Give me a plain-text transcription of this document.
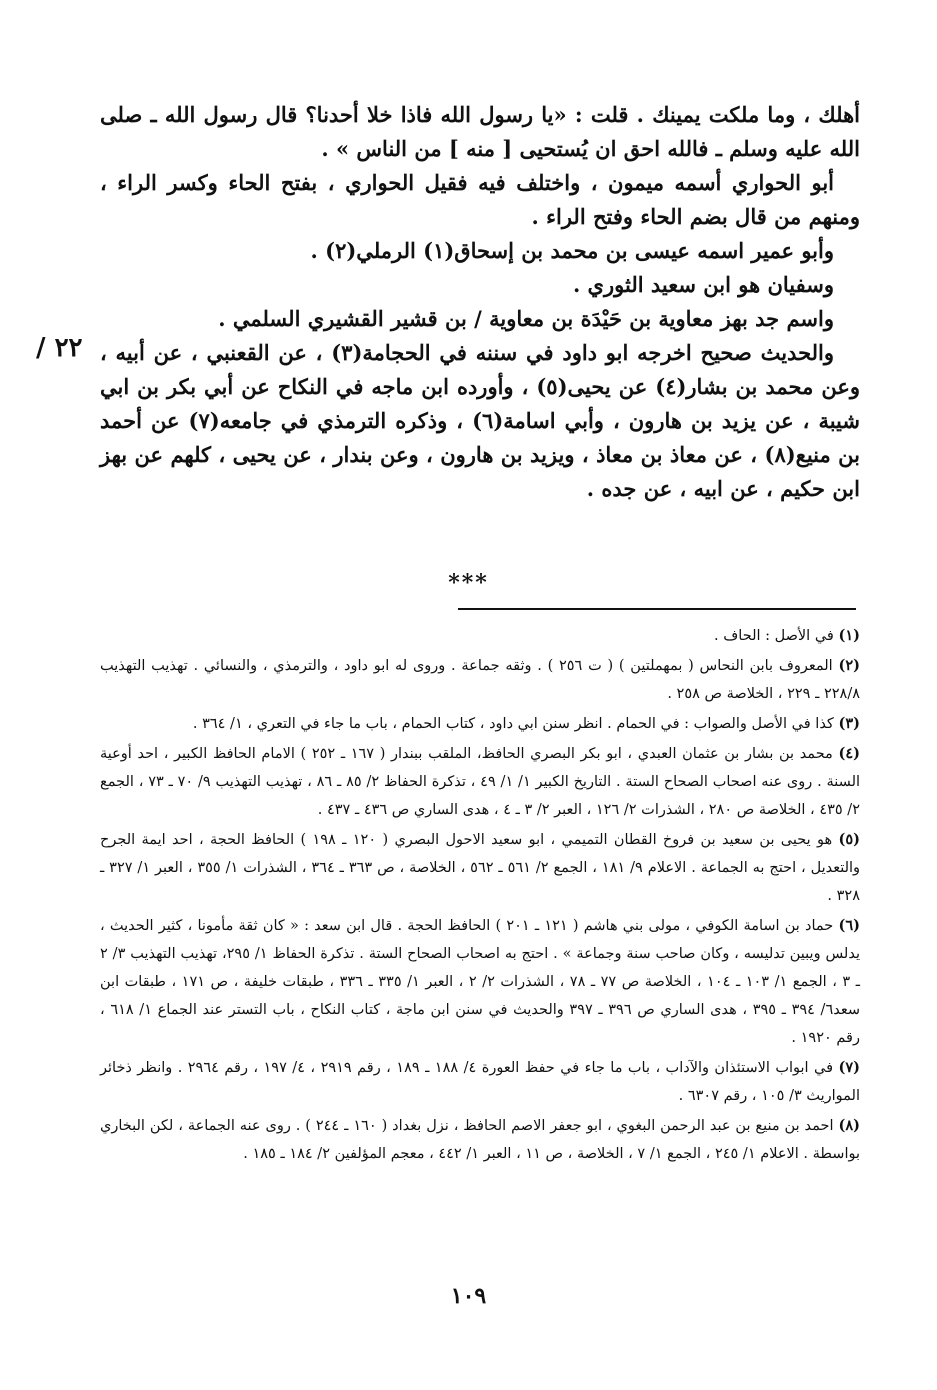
٢٢ /

أهلك ، وما ملكت يمينك . قلت : «يا رسول الله فاذا خلا أحدنا؟ قال رسول الله ـ صلى الله عليه وسلم ـ فالله احق ان يُستحيى [ منه ] من الناس » .

أبو الحواري أسمه ميمون ، واختلف فيه فقيل الحواري ، بفتح الحاء وكسر الراء ، ومنهم من قال بضم الحاء وفتح الراء .

وأبو عمير اسمه عيسى بن محمد بن إسحاق(١) الرملي(٢) .

وسفيان هو ابن سعيد الثوري .

واسم جد بهز معاوية بن حَيْدَة بن معاوية / بن قشير القشيري السلمي .

والحديث صحيح اخرجه ابو داود في سننه في الحجامة(٣) ، عن القعنبي ، عن أبيه ، وعن محمد بن بشار(٤) عن يحيى(٥) ، وأورده ابن ماجه في النكاح عن أبي بكر بن ابي شيبة ، عن يزيد بن هارون ، وأبي اسامة(٦) ، وذكره الترمذي في جامعه(٧) عن أحمد بن منيع(٨) ، عن معاذ بن معاذ ، ويزيد بن هارون ، وعن بندار ، عن يحيى ، كلهم عن بهز ابن حكيم ، عن ابيه ، عن جده .

***
(١) في الأصل : الحاف .
(٢) المعروف بابن النحاس ( بمهملتين ) ( ت ٢٥٦ ) . وثقه جماعة . وروى له ابو داود ، والترمذي ، والنسائي . تهذيب التهذيب ٢٢٨/٨ ـ ٢٢٩ ، الخلاصة ص ٢٥٨ .
(٣) كذا في الأصل والصواب : في الحمام . انظر سنن ابي داود ، كتاب الحمام ، باب ما جاء في التعري ، ١/ ٣٦٤ .
(٤) محمد بن بشار بن عثمان العبدي ، ابو بكر البصري الحافظ، الملقب ببندار ( ١٦٧ ـ ٢٥٢ ) الامام الحافظ الكبير ، احد أوعية السنة . روى عنه اصحاب الصحاح الستة . التاريخ الكبير ١/ ١/ ٤٩ ، تذكرة الحفاظ ٢/ ٨٥ ـ ٨٦ ، تهذيب التهذيب ٩/ ٧٠ ـ ٧٣ ، الجمع ٢/ ٤٣٥ ، الخلاصة ص ٢٨٠ ، الشذرات ٢/ ١٢٦ ، العبر ٢/ ٣ ـ ٤ ، هدى الساري ص ٤٣٦ ـ ٤٣٧ .
(٥) هو يحيى بن سعيد بن فروخ القطان التميمي ، ابو سعيد الاحول البصري ( ١٢٠ ـ ١٩٨ ) الحافظ الحجة ، احد ايمة الجرح والتعديل ، احتج به الجماعة . الاعلام ٩/ ١٨١ ، الجمع ٢/ ٥٦١ ـ ٥٦٢ ، الخلاصة ، ص ٣٦٣ ـ ٣٦٤ ، الشذرات ١/ ٣٥٥ ، العبر ١/ ٣٢٧ ـ ٣٢٨ .
(٦) حماد بن اسامة الكوفي ، مولى بني هاشم ( ١٢١ ـ ٢٠١ ) الحافظ الحجة . قال ابن سعد : « كان ثقة مأمونا ، كثير الحديث ، يدلس ويبين تدليسه ، وكان صاحب سنة وجماعة » . احتج به اصحاب الصحاح الستة . تذكرة الحفاظ ١/ ٢٩٥، تهذيب التهذيب ٣/ ٢ ـ ٣ ، الجمع ١/ ١٠٣ ـ ١٠٤ ، الخلاصة ص ٧٧ ـ ٧٨ ، الشذرات ٢/ ٢ ، العبر ١/ ٣٣٥ ـ ٣٣٦ ، طبقات خليفة ، ص ١٧١ ، طبقات ابن سعد٦/ ٣٩٤ ـ ٣٩٥ ، هدى الساري ص ٣٩٦ ـ ٣٩٧ والحديث في سنن ابن ماجة ، كتاب النكاح ، باب التستر عند الجماع ١/ ٦١٨ ، رقم ١٩٢٠ .
(٧) في ابواب الاستئذان والآداب ، باب ما جاء في حفظ العورة ٤/ ١٨٨ ـ ١٨٩ ، رقم ٢٩١٩ ، ٤/ ١٩٧ ، رقم ٢٩٦٤ . وانظر ذخائر المواريث ٣/ ١٠٥ ، رقم ٦٣٠٧ .
(٨) احمد بن منيع بن عبد الرحمن البغوي ، ابو جعفر الاصم الحافظ ، نزل بغداد ( ١٦٠ ـ ٢٤٤ ) . روى عنه الجماعة ، لكن البخاري بواسطة . الاعلام ١/ ٢٤٥ ، الجمع ١/ ٧ ، الخلاصة ، ص ١١ ، العبر ١/ ٤٤٢ ، معجم المؤلفين ٢/ ١٨٤ ـ ١٨٥ .
١٠٩
